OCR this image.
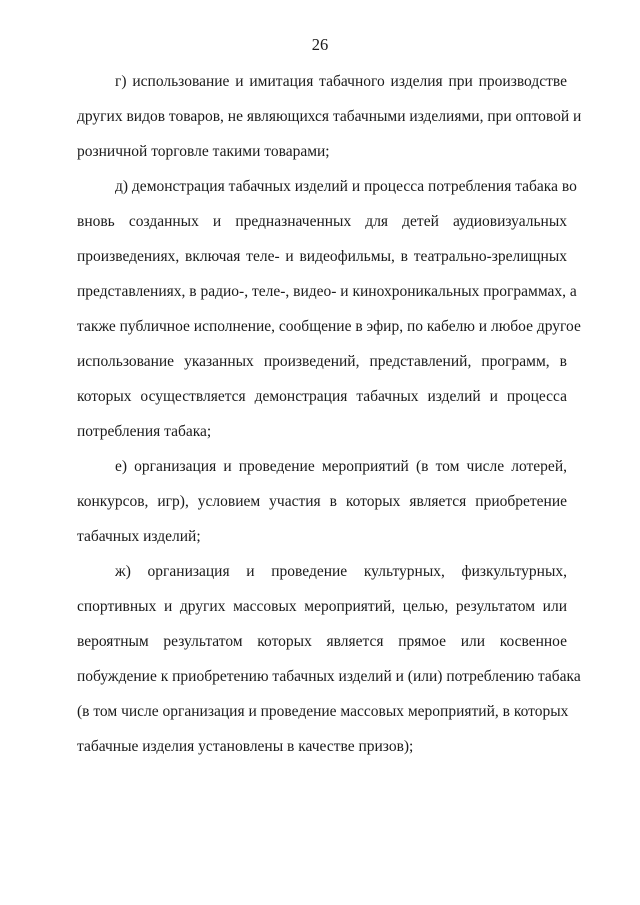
26
г) использование и имитация табачного изделия при производстве
других видов товаров, не являющихся табачными изделиями, при оптовой и
розничной торговле такими товарами;
д) демонстрация табачных изделий и процесса потребления табака во
вновь созданных и предназначенных для детей аудиовизуальных
произведениях, включая теле- и видеофильмы, в театрально-зрелищных
представлениях, в радио-, теле-, видео- и кинохроникальных программах, а
также публичное исполнение, сообщение в эфир, по кабелю и любое другое
использование указанных произведений, представлений, программ, в
которых осуществляется демонстрация табачных изделий и процесса
потребления табака;
е) организация и проведение мероприятий (в том числе лотерей,
конкурсов, игр), условием участия в которых является приобретение
табачных изделий;
ж) организация и проведение культурных, физкультурных,
спортивных и других массовых мероприятий, целью, результатом или
вероятным результатом которых является прямое или косвенное
побуждение к приобретению табачных изделий и (или) потреблению табака
(в том числе организация и проведение массовых мероприятий, в которых
табачные изделия установлены в качестве призов);
